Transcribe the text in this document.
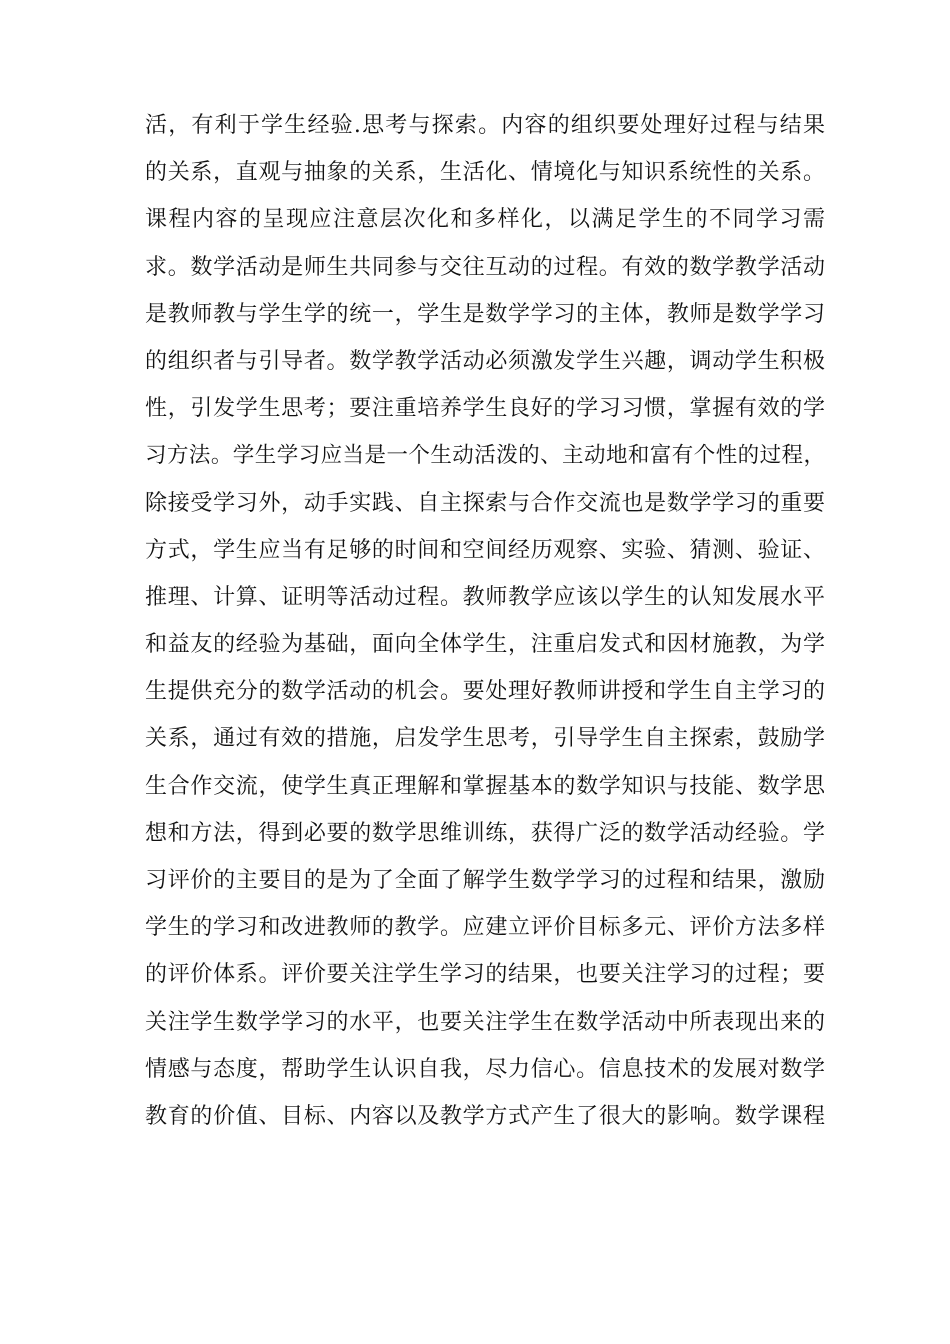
活，有利于学生经验.思考与探索。内容的组织要处理好过程与结果
的关系，直观与抽象的关系，生活化、情境化与知识系统性的关系。
课程内容的呈现应注意层次化和多样化，以满足学生的不同学习需
求。数学活动是师生共同参与交往互动的过程。有效的数学教学活动
是教师教与学生学的统一，学生是数学学习的主体，教师是数学学习
的组织者与引导者。数学教学活动必须激发学生兴趣，调动学生积极
性，引发学生思考；要注重培养学生良好的学习习惯，掌握有效的学
习方法。学生学习应当是一个生动活泼的、主动地和富有个性的过程，
除接受学习外，动手实践、自主探索与合作交流也是数学学习的重要
方式，学生应当有足够的时间和空间经历观察、实验、猜测、验证、
推理、计算、证明等活动过程。教师教学应该以学生的认知发展水平
和益友的经验为基础，面向全体学生，注重启发式和因材施教，为学
生提供充分的数学活动的机会。要处理好教师讲授和学生自主学习的
关系，通过有效的措施，启发学生思考，引导学生自主探索，鼓励学
生合作交流，使学生真正理解和掌握基本的数学知识与技能、数学思
想和方法，得到必要的数学思维训练，获得广泛的数学活动经验。学
习评价的主要目的是为了全面了解学生数学学习的过程和结果，激励
学生的学习和改进教师的教学。应建立评价目标多元、评价方法多样
的评价体系。评价要关注学生学习的结果，也要关注学习的过程；要
关注学生数学学习的水平，也要关注学生在数学活动中所表现出来的
情感与态度，帮助学生认识自我，尽力信心。信息技术的发展对数学
教育的价值、目标、内容以及教学方式产生了很大的影响。数学课程
